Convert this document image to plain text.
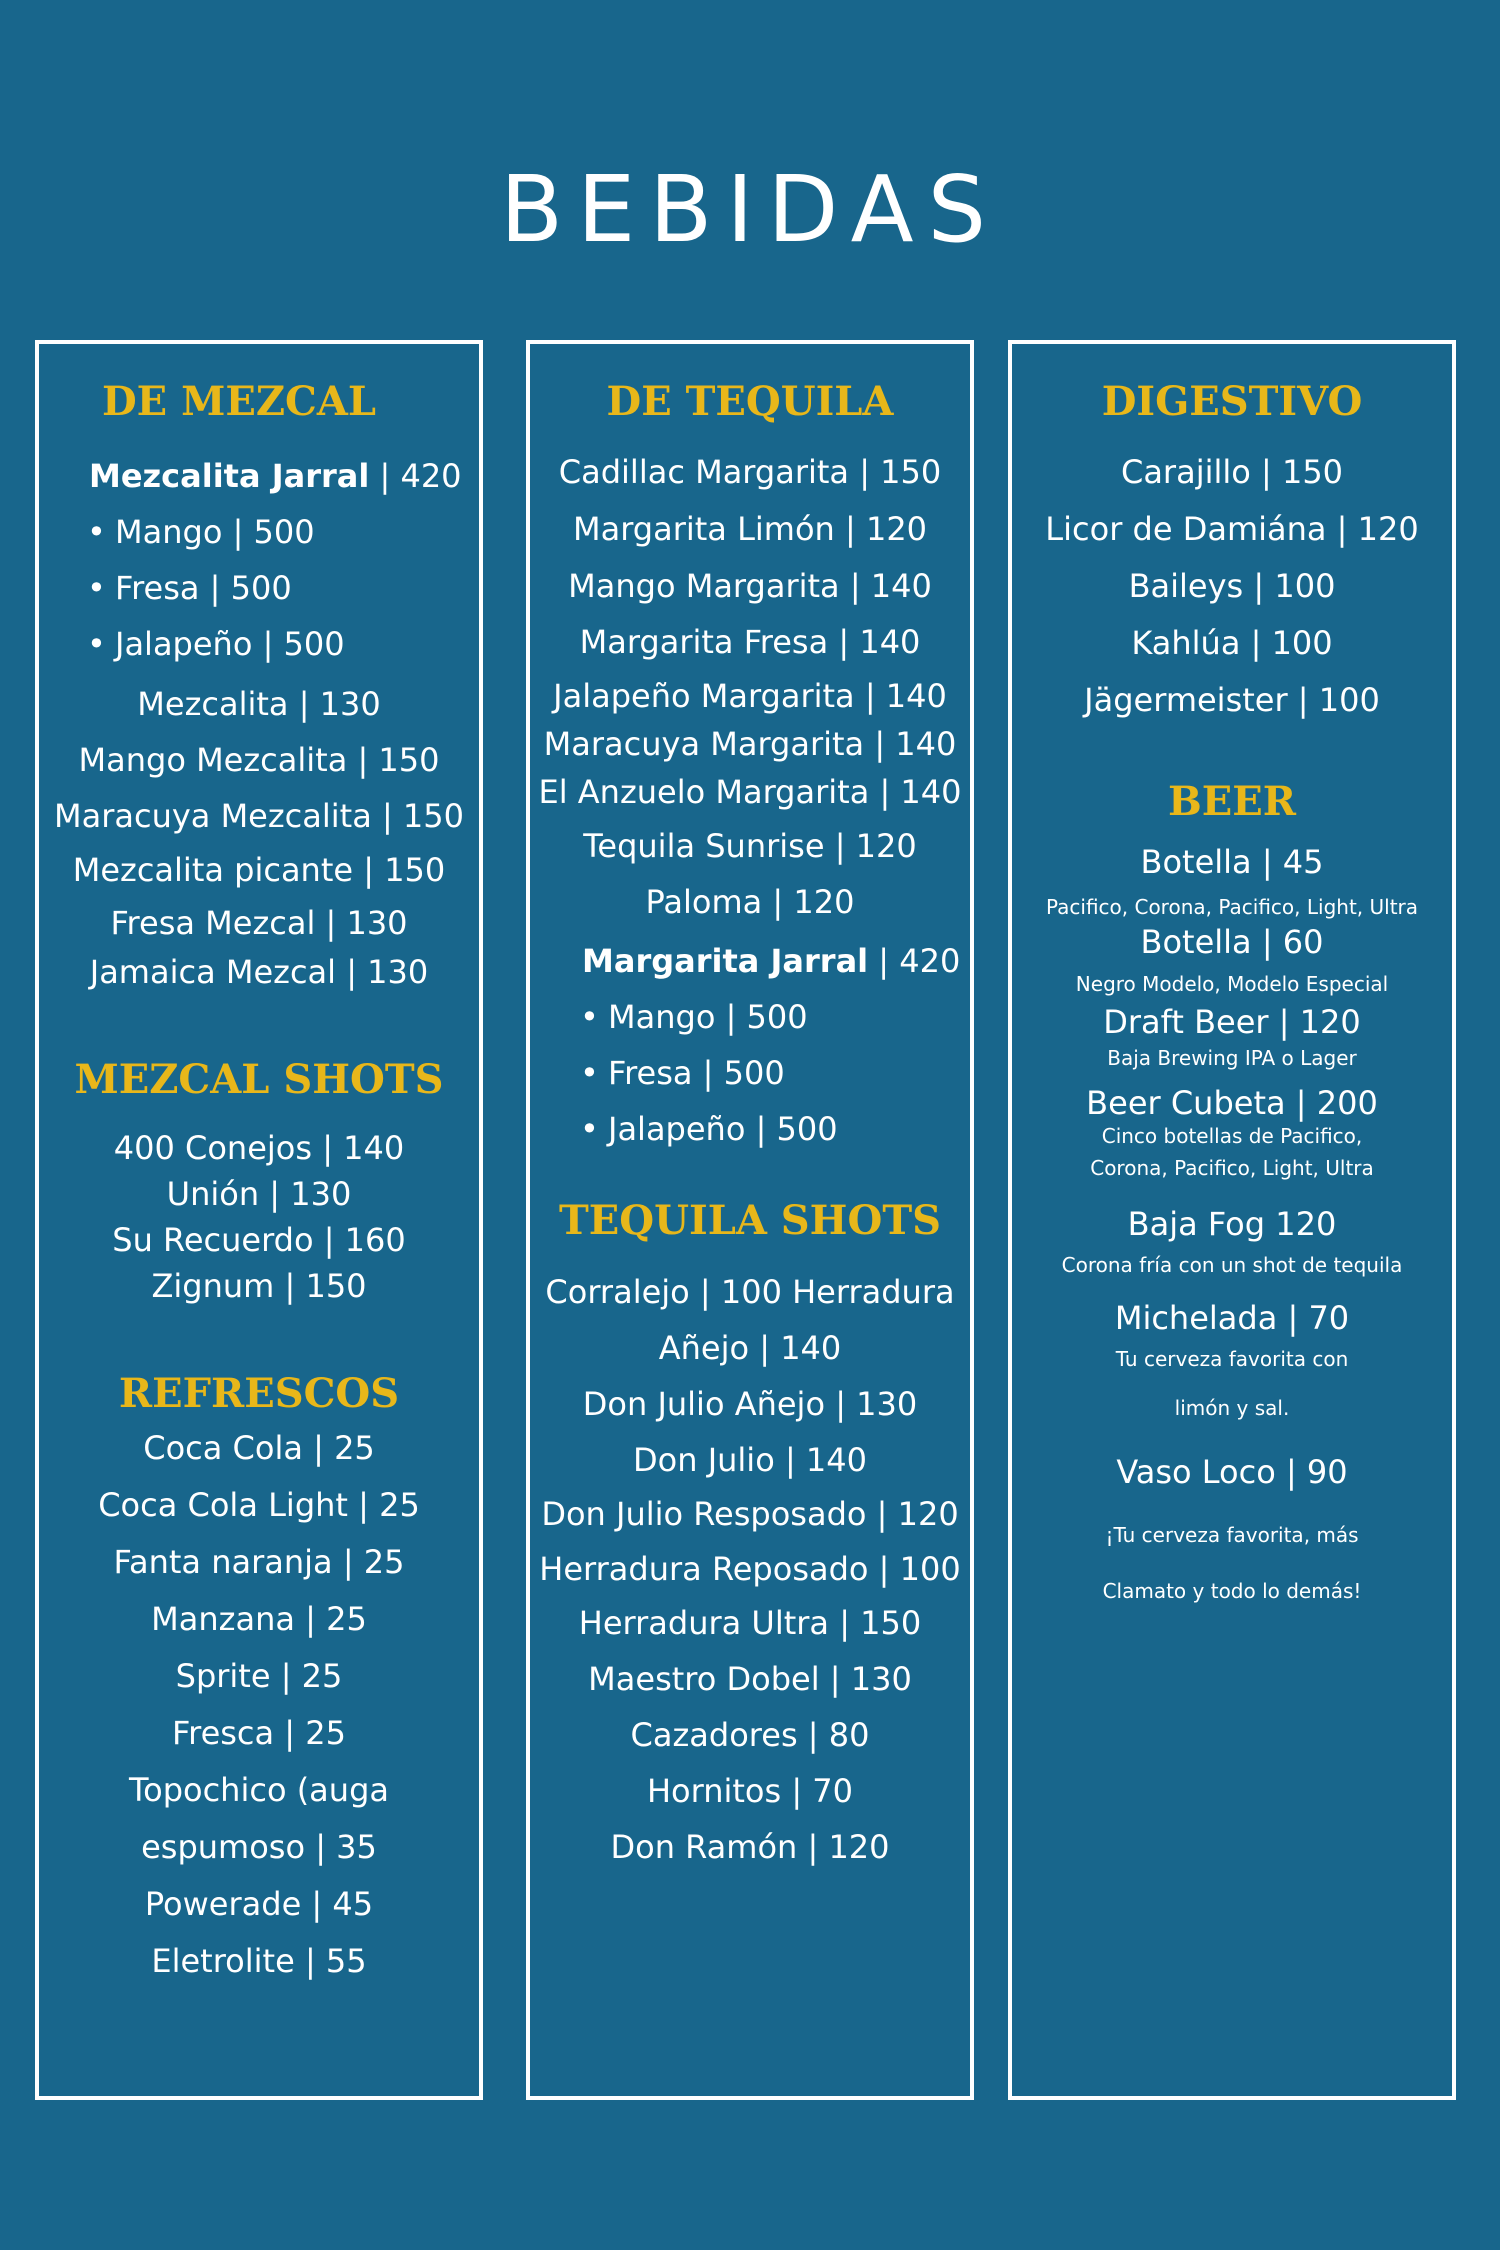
BEBIDAS
DE MEZCAL
Mezcalita Jarral | 420
• Mango | 500
• Fresa | 500
• Jalapeño | 500
Mezcalita | 130
Mango Mezcalita | 150
Maracuya Mezcalita | 150
Mezcalita picante | 150
Fresa Mezcal | 130
Jamaica Mezcal | 130
MEZCAL SHOTS
400 Conejos | 140
Unión | 130
Su Recuerdo | 160
Zignum | 150
REFRESCOS
Coca Cola | 25
Coca Cola Light | 25
Fanta naranja | 25
Manzana | 25
Sprite | 25
Fresca | 25
Topochico (auga
espumoso | 35
Powerade | 45
Eletrolite | 55
DE TEQUILA
Cadillac Margarita | 150
Margarita Limón | 120
Mango Margarita | 140
Margarita Fresa | 140
Jalapeño Margarita | 140
Maracuya Margarita | 140
El Anzuelo Margarita | 140
Tequila Sunrise | 120
Paloma | 120
Margarita Jarral | 420
• Mango | 500
• Fresa | 500
• Jalapeño | 500
TEQUILA SHOTS
Corralejo | 100 Herradura
Añejo | 140
Don Julio Añejo | 130
Don Julio | 140
Don Julio Resposado | 120
Herradura Reposado | 100
Herradura Ultra | 150
Maestro Dobel | 130
Cazadores | 80
Hornitos | 70
Don Ramón | 120
DIGESTIVO
Carajillo | 150
Licor de Damiána | 120
Baileys | 100
Kahlúa | 100
Jägermeister | 100
BEER
Botella | 45
Pacifico, Corona, Pacifico, Light, Ultra
Botella | 60
Negro Modelo, Modelo Especial
Draft Beer | 120
Baja Brewing IPA o Lager
Beer Cubeta | 200
Cinco botellas de Pacifico,
Corona, Pacifico, Light, Ultra
Baja Fog 120
Corona fría con un shot de tequila
Michelada | 70
Tu cerveza favorita con
limón y sal.
Vaso Loco | 90
¡Tu cerveza favorita, más
Clamato y todo lo demás!
